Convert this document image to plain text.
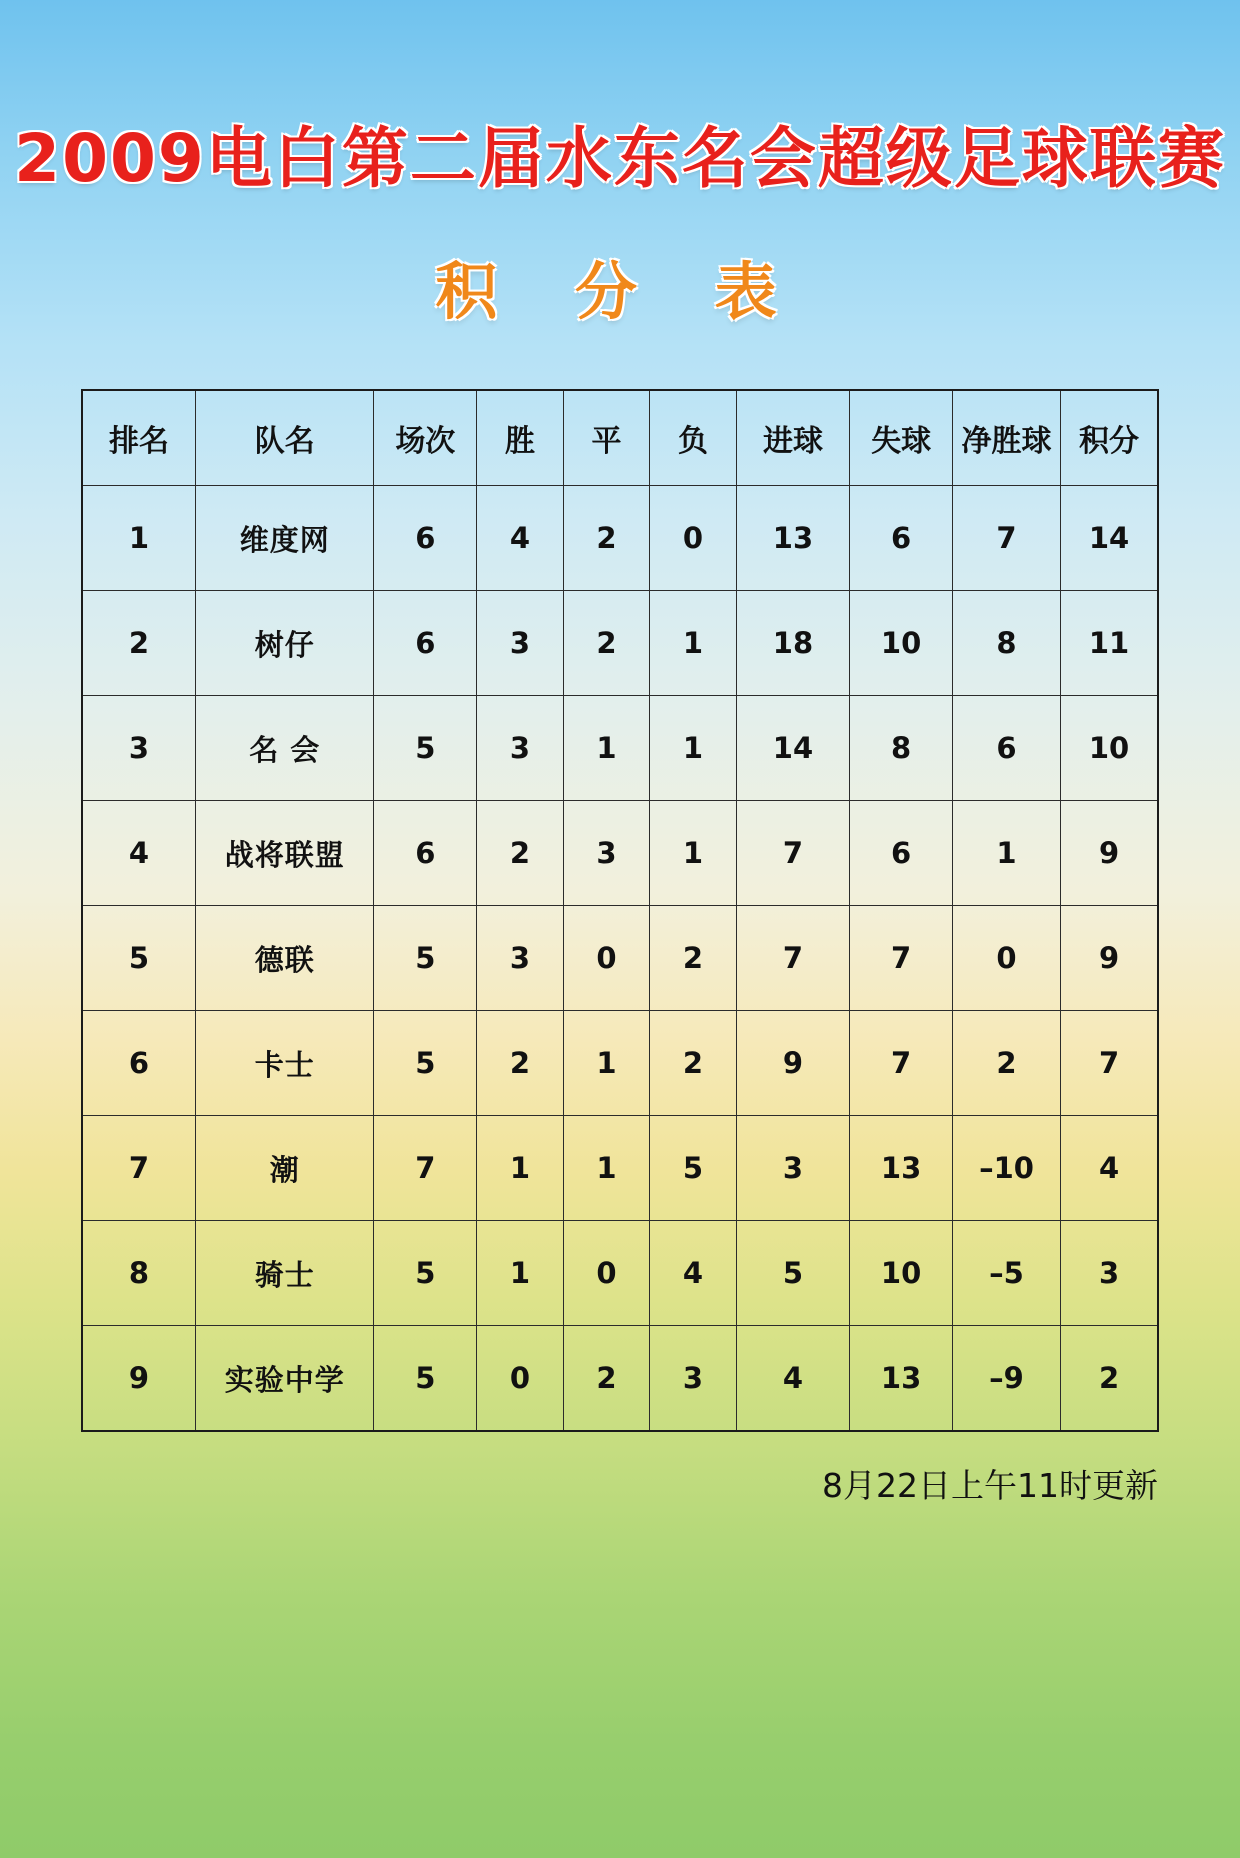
2009电白第二届水东名会超级足球联赛
积 分 表
排名	队名	场次	胜	平	负	进球	失球	净胜球	积分
1	维度网	6	4	2	0	13	6	7	14
2	树仔	6	3	2	1	18	10	8	11
3	名 会	5	3	1	1	14	8	6	10
4	战将联盟	6	2	3	1	7	6	1	9
5	德联	5	3	0	2	7	7	0	9
6	卡士	5	2	1	2	9	7	2	7
7	潮	7	1	1	5	3	13	–10	4
8	骑士	5	1	0	4	5	10	–5	3
9	实验中学	5	0	2	3	4	13	–9	2
8月22日上午11时更新
